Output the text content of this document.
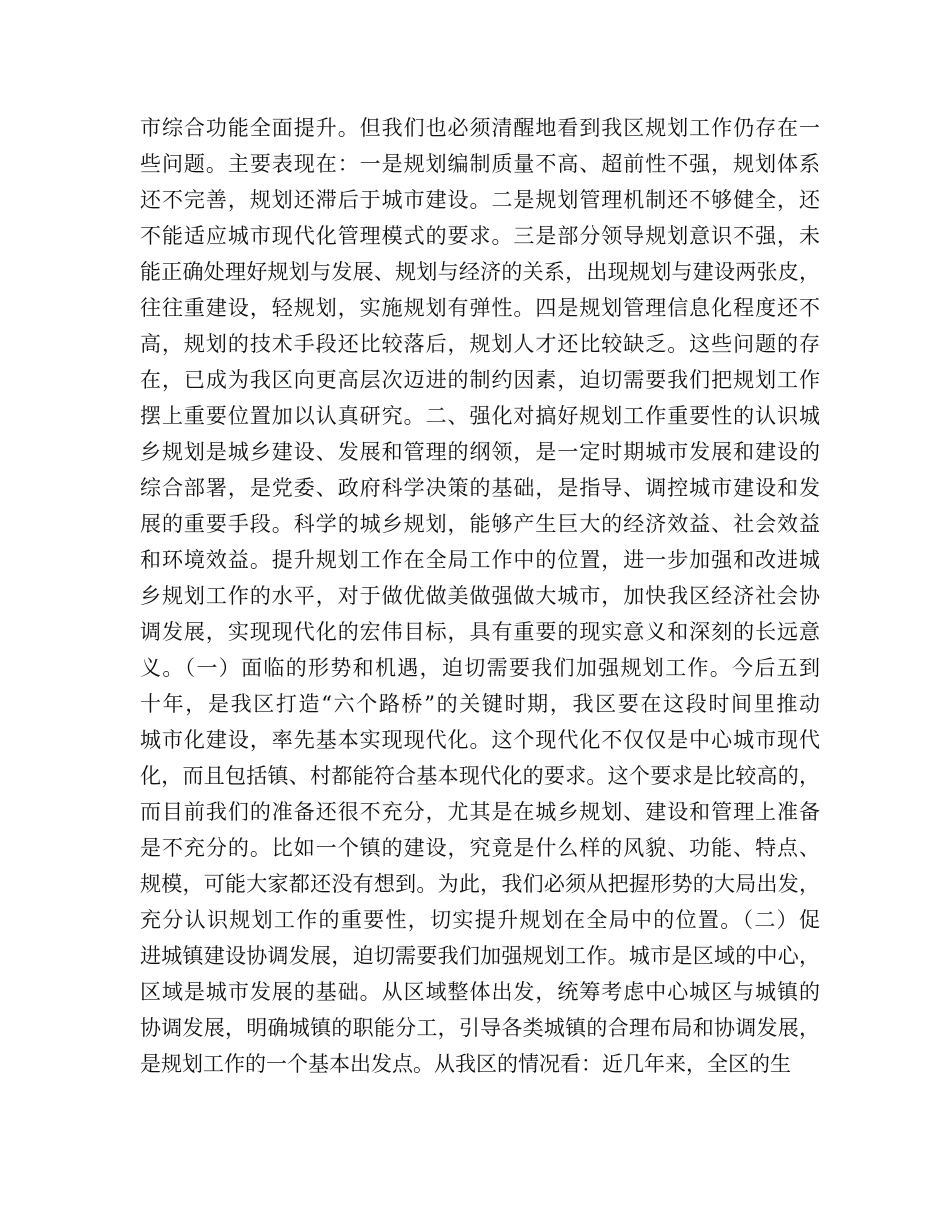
市综合功能全面提升。但我们也必须清醒地看到我区规划工作仍存在一
些问题。主要表现在：一是规划编制质量不高、超前性不强，规划体系
还不完善，规划还滞后于城市建设。二是规划管理机制还不够健全，还
不能适应城市现代化管理模式的要求。三是部分领导规划意识不强，未
能正确处理好规划与发展、规划与经济的关系，出现规划与建设两张皮，
往往重建设，轻规划，实施规划有弹性。四是规划管理信息化程度还不
高，规划的技术手段还比较落后，规划人才还比较缺乏。这些问题的存
在，已成为我区向更高层次迈进的制约因素，迫切需要我们把规划工作
摆上重要位置加以认真研究。二、强化对搞好规划工作重要性的认识城
乡规划是城乡建设、发展和管理的纲领，是一定时期城市发展和建设的
综合部署，是党委、政府科学决策的基础，是指导、调控城市建设和发
展的重要手段。科学的城乡规划，能够产生巨大的经济效益、社会效益
和环境效益。提升规划工作在全局工作中的位置，进一步加强和改进城
乡规划工作的水平，对于做优做美做强做大城市，加快我区经济社会协
调发展，实现现代化的宏伟目标，具有重要的现实意义和深刻的长远意
义。（一）面临的形势和机遇，迫切需要我们加强规划工作。今后五到
十年，是我区打造“六个路桥”的关键时期，我区要在这段时间里推动
城市化建设，率先基本实现现代化。这个现代化不仅仅是中心城市现代
化，而且包括镇、村都能符合基本现代化的要求。这个要求是比较高的，
而目前我们的准备还很不充分，尤其是在城乡规划、建设和管理上准备
是不充分的。比如一个镇的建设，究竟是什么样的风貌、功能、特点、
规模，可能大家都还没有想到。为此，我们必须从把握形势的大局出发，
充分认识规划工作的重要性，切实提升规划在全局中的位置。（二）促
进城镇建设协调发展，迫切需要我们加强规划工作。城市是区域的中心，
区域是城市发展的基础。从区域整体出发，统筹考虑中心城区与城镇的
协调发展，明确城镇的职能分工，引导各类城镇的合理布局和协调发展，
是规划工作的一个基本出发点。从我区的情况看：近几年来，全区的生
